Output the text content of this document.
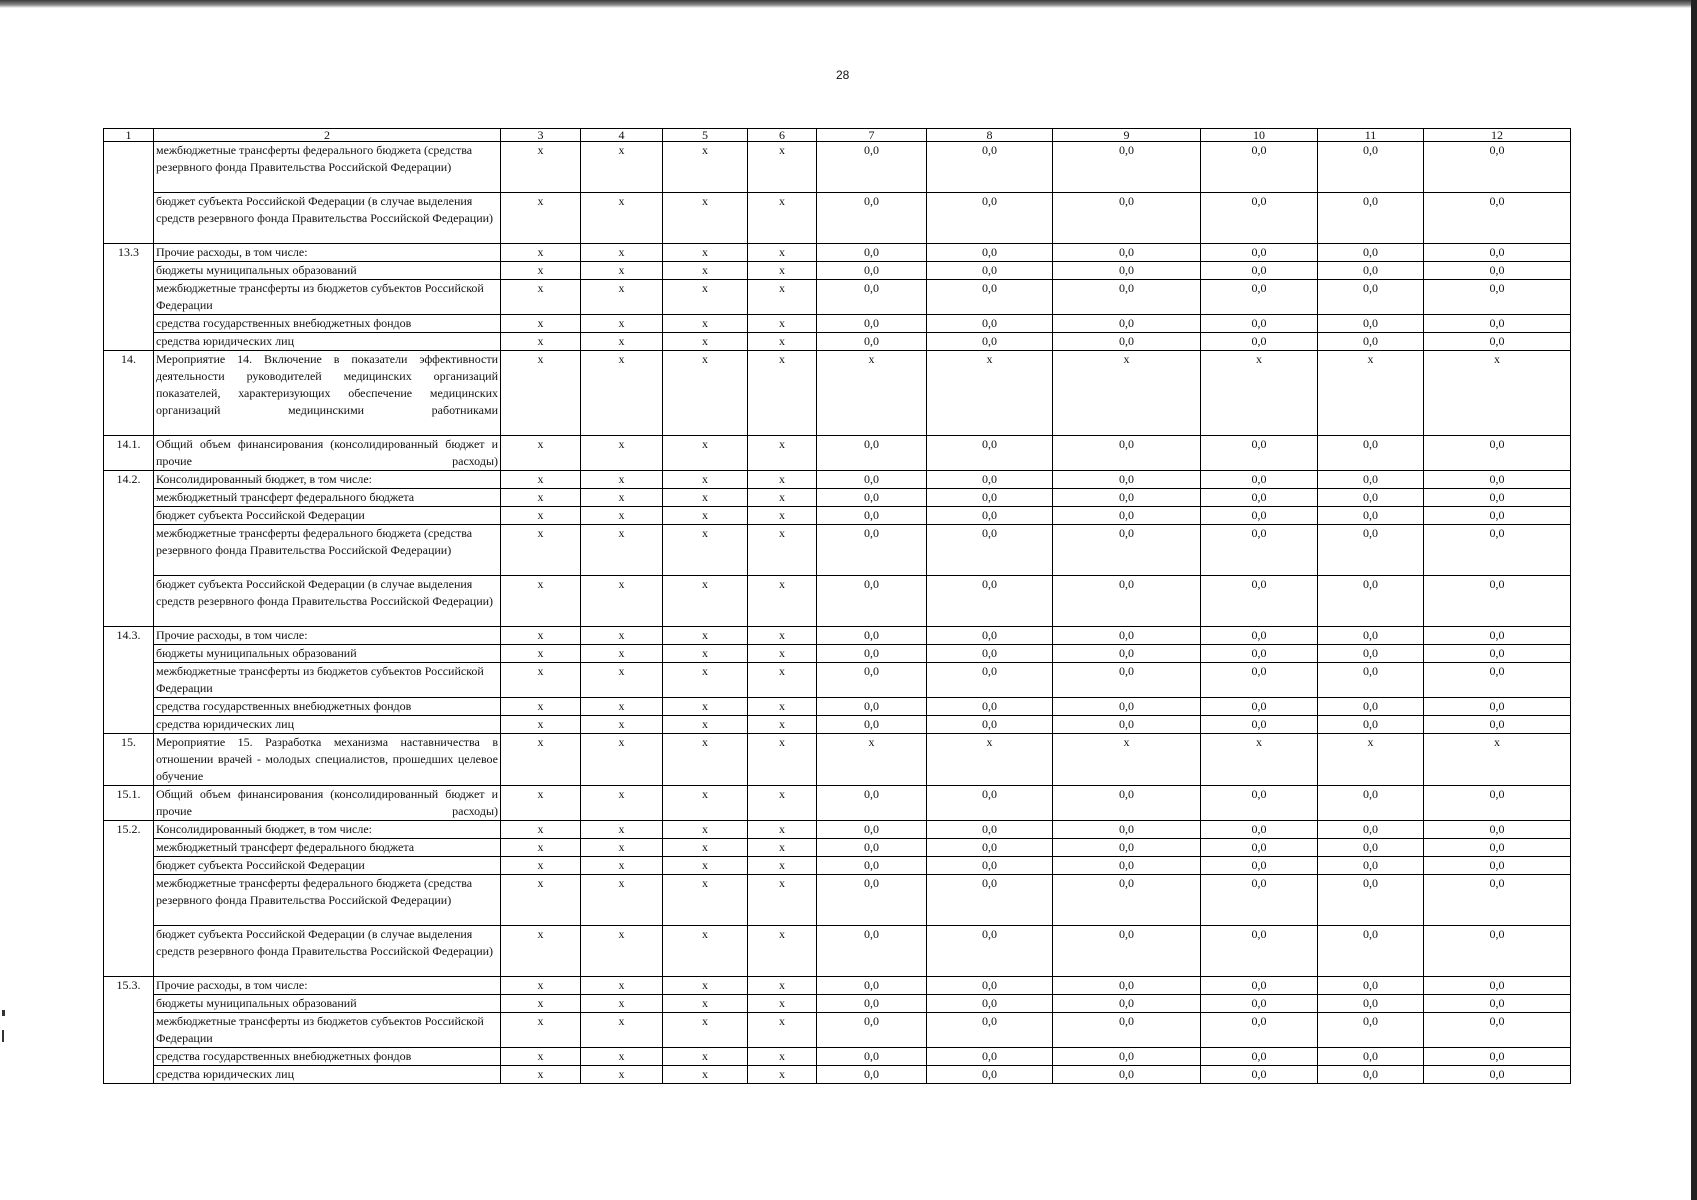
28
1	2	3	4	5	6	7	8	9	10	11	12
	межбюджетные трансферты федерального бюджета (средства резервного фонда Правительства Российской Федерации)	x	x	x	x	0,0	0,0	0,0	0,0	0,0	0,0
	бюджет субъекта Российской Федерации (в случае выделения средств резервного фонда Правительства Российской Федерации)	x	x	x	x	0,0	0,0	0,0	0,0	0,0	0,0
13.3	Прочие расходы, в том числе:	x	x	x	x	0,0	0,0	0,0	0,0	0,0	0,0
	бюджеты муниципальных образований	x	x	x	x	0,0	0,0	0,0	0,0	0,0	0,0
	межбюджетные трансферты из бюджетов субъектов Российской Федерации	x	x	x	x	0,0	0,0	0,0	0,0	0,0	0,0
	средства государственных внебюджетных фондов	x	x	x	x	0,0	0,0	0,0	0,0	0,0	0,0
	средства юридических лиц	x	x	x	x	0,0	0,0	0,0	0,0	0,0	0,0
14.	Мероприятие 14. Включение в показатели эффективности деятельности руководителей медицинских организаций показателей, характеризующих обеспечение медицинских организаций медицинскими работниками	x	x	x	x	x	x	x	x	x	x
14.1.	Общий объем финансирования (консолидированный бюджет и прочие расходы)	x	x	x	x	0,0	0,0	0,0	0,0	0,0	0,0
14.2.	Консолидированный бюджет, в том числе:	x	x	x	x	0,0	0,0	0,0	0,0	0,0	0,0
	межбюджетный трансферт федерального бюджета	x	x	x	x	0,0	0,0	0,0	0,0	0,0	0,0
	бюджет субъекта Российской Федерации	x	x	x	x	0,0	0,0	0,0	0,0	0,0	0,0
	межбюджетные трансферты федерального бюджета (средства резервного фонда Правительства Российской Федерации)	x	x	x	x	0,0	0,0	0,0	0,0	0,0	0,0
	бюджет субъекта Российской Федерации (в случае выделения средств резервного фонда Правительства Российской Федерации)	x	x	x	x	0,0	0,0	0,0	0,0	0,0	0,0
14.3.	Прочие расходы, в том числе:	x	x	x	x	0,0	0,0	0,0	0,0	0,0	0,0
	бюджеты муниципальных образований	x	x	x	x	0,0	0,0	0,0	0,0	0,0	0,0
	межбюджетные трансферты из бюджетов субъектов Российской Федерации	x	x	x	x	0,0	0,0	0,0	0,0	0,0	0,0
	средства государственных внебюджетных фондов	x	x	x	x	0,0	0,0	0,0	0,0	0,0	0,0
	средства юридических лиц	x	x	x	x	0,0	0,0	0,0	0,0	0,0	0,0
15.	Мероприятие 15. Разработка механизма наставничества в отношении врачей - молодых специалистов, прошедших целевое обучение	x	x	x	x	x	x	x	x	x	x
15.1.	Общий объем финансирования (консолидированный бюджет и прочие расходы)	x	x	x	x	0,0	0,0	0,0	0,0	0,0	0,0
15.2.	Консолидированный бюджет, в том числе:	x	x	x	x	0,0	0,0	0,0	0,0	0,0	0,0
	межбюджетный трансферт федерального бюджета	x	x	x	x	0,0	0,0	0,0	0,0	0,0	0,0
	бюджет субъекта Российской Федерации	x	x	x	x	0,0	0,0	0,0	0,0	0,0	0,0
	межбюджетные трансферты федерального бюджета (средства резервного фонда Правительства Российской Федерации)	x	x	x	x	0,0	0,0	0,0	0,0	0,0	0,0
	бюджет субъекта Российской Федерации (в случае выделения средств резервного фонда Правительства Российской Федерации)	x	x	x	x	0,0	0,0	0,0	0,0	0,0	0,0
15.3.	Прочие расходы, в том числе:	x	x	x	x	0,0	0,0	0,0	0,0	0,0	0,0
	бюджеты муниципальных образований	x	x	x	x	0,0	0,0	0,0	0,0	0,0	0,0
	межбюджетные трансферты из бюджетов субъектов Российской Федерации	x	x	x	x	0,0	0,0	0,0	0,0	0,0	0,0
	средства государственных внебюджетных фондов	x	x	x	x	0,0	0,0	0,0	0,0	0,0	0,0
	средства юридических лиц	x	x	x	x	0,0	0,0	0,0	0,0	0,0	0,0
